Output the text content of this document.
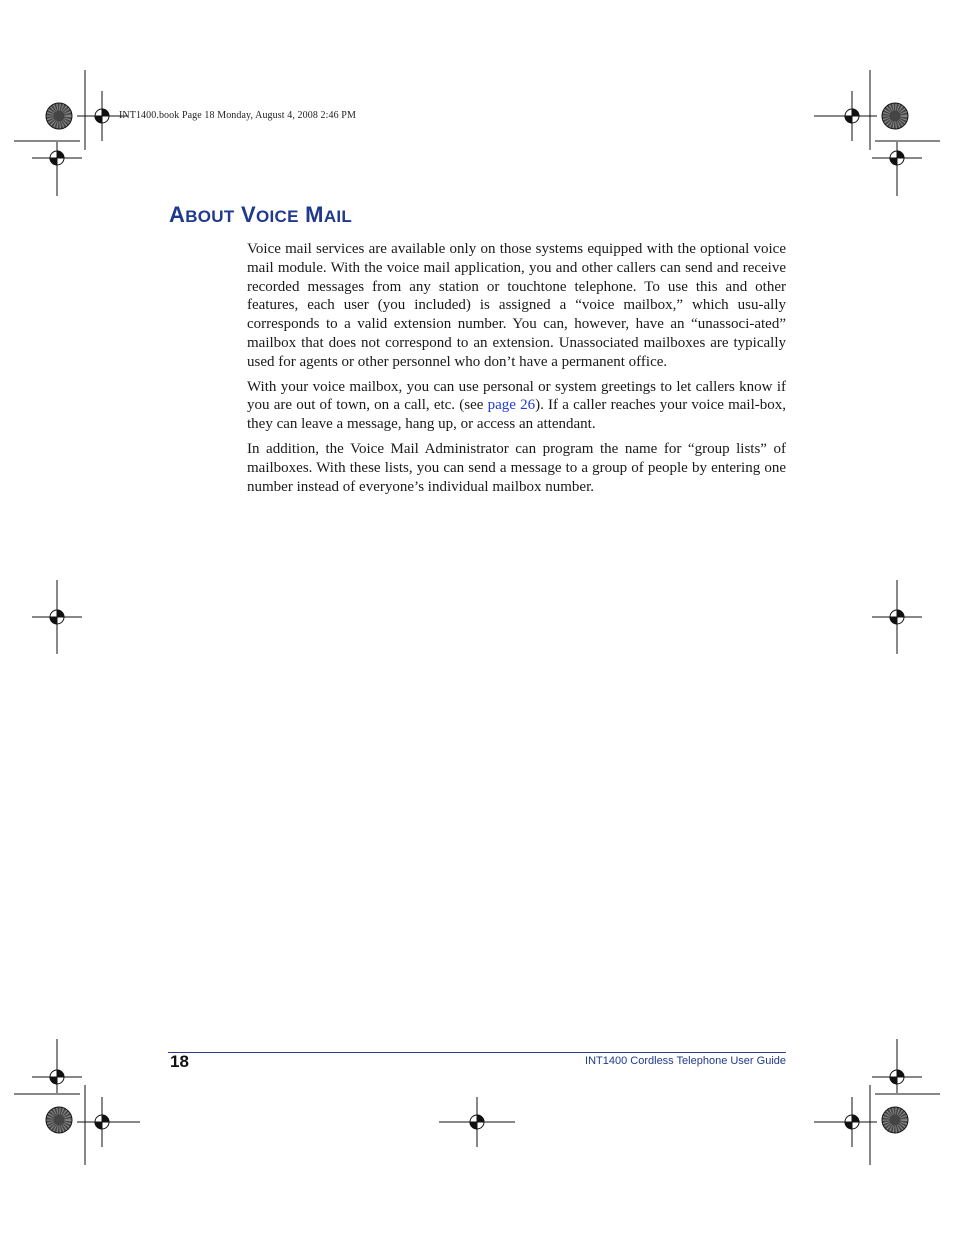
INT1400.book Page 18 Monday, August 4, 2008 2:46 PM
ABOUT VOICE MAIL

Voice mail services are available only on those systems equipped with the optional voice mail module. With the voice mail application, you and other callers can send and receive recorded messages from any station or touchtone telephone. To use this and other features, each user (you included) is assigned a “voice mailbox,” which usu-ally corresponds to a valid extension number. You can, however, have an “unassoci-ated” mailbox that does not correspond to an extension. Unassociated mailboxes are typically used for agents or other personnel who don’t have a permanent office.

With your voice mailbox, you can use personal or system greetings to let callers know if you are out of town, on a call, etc. (see page 26). If a caller reaches your voice mail-box, they can leave a message, hang up, or access an attendant.

In addition, the Voice Mail Administrator can program the name for “group lists” of mailboxes. With these lists, you can send a message to a group of people by entering one number instead of everyone’s individual mailbox number.

18	INT1400 Cordless Telephone User Guide
